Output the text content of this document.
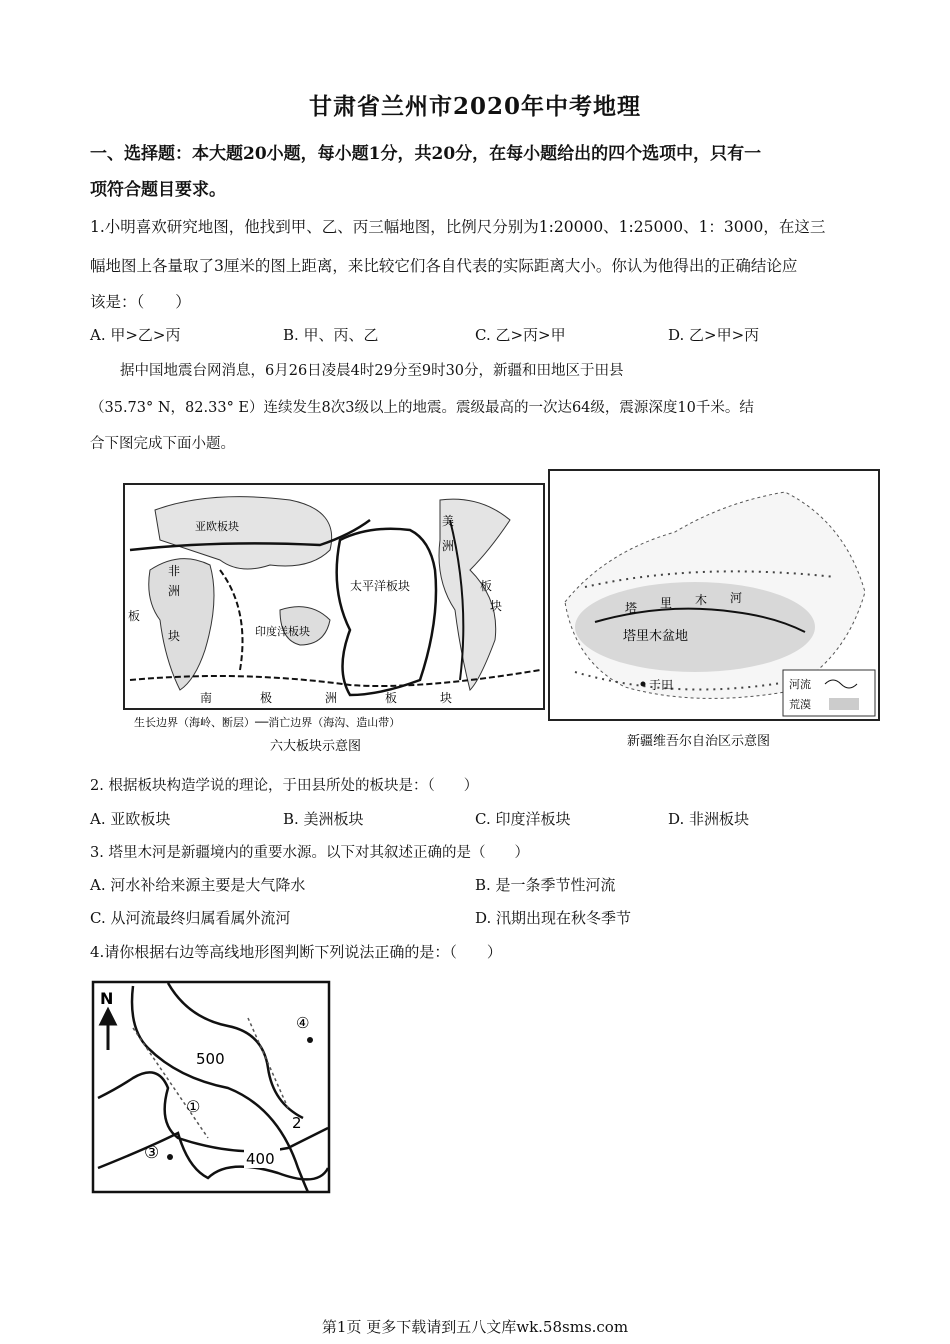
甘肃省兰州市2020年中考地理
一、选择题：本大题20小题，每小题1分，共20分，在每小题给出的四个选项中，只有一
项符合题目要求。
1.小明喜欢研究地图，他找到甲、乙、丙三幅地图，比例尺分别为1:20000、1:25000、1：3000，在这三
幅地图上各量取了3厘米的图上距离，来比较它们各自代表的实际距离大小。你认为他得出的正确结论应
该是：（　　）
A. 甲>乙>丙	B. 甲、丙、乙	C. 乙>丙>甲	D. 乙>甲>丙
据中国地震台网消息，6月26日凌晨4时29分至9时30分，新疆和田地区于田县
（35.73° N，82.33° E）连续发生8次3级以上的地震。震级最高的一次达64级，震源深度10千米。结
合下图完成下面小题。
亚欧板块
非
洲
板
块
太平洋板块
印度洋板块
美
洲
板
块
南	极	洲	板	块
生长边界（海岭、断层）──消亡边界（海沟、造山带）
六大板块示意图
塔 里 木 河
塔里木盆地
于田	河流
荒漠
新疆维吾尔自治区示意图
2. 根据板块构造学说的理论，于田县所处的板块是：（　　）
A. 亚欧板块	B. 美洲板块	C. 印度洋板块	D. 非洲板块
3. 塔里木河是新疆境内的重要水源。以下对其叙述正确的是（　　）
A. 河水补给来源主要是大气降水	B. 是一条季节性河流
C. 从河流最终归属看属外流河	D. 汛期出现在秋冬季节
4.请你根据右边等高线地形图判断下列说法正确的是：（　　）
N
500
400
①
2
③
④
第1页 更多下载请到五八文库wk.58sms.com
